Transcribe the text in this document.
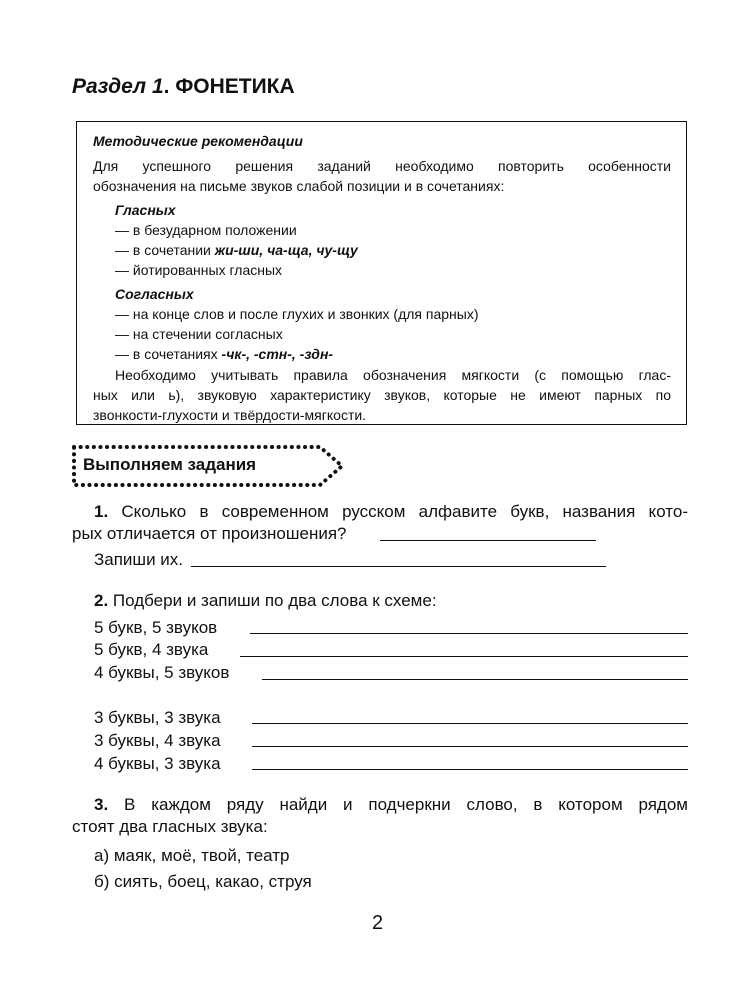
Раздел 1. ФОНЕТИКА
Методические рекомендации
Для успешного решения заданий необходимо повторить особенности
обозначения на письме звуков слабой позиции и в сочетаниях:
Гласных
— в безударном положении
— в сочетании жи-ши, ча-ща, чу-щу
— йотированных гласных
Согласных
— на конце слов и после глухих и звонких (для парных)
— на стечении согласных
— в сочетаниях -чк-, -стн-, -здн-
Необходимо учитывать правила обозначения мягкости (с помощью глас-
ных или ь), звуковую характеристику звуков, которые не имеют парных по
звонкости-глухости и твёрдости-мягкости.
Выполняем задания
1. Сколько в современном русском алфавите букв, названия кото-
рых отличается от произношения?
Запиши их.
2. Подбери и запиши по два слова к схеме:
5 букв, 5 звуков
5 букв, 4 звука
4 буквы, 5 звуков
3 буквы, 3 звука
3 буквы, 4 звука
4 буквы, 3 звука
3. В каждом ряду найди и подчеркни слово, в котором рядом
стоят два гласных звука:
а) маяк, моё, твой, театр
б) сиять, боец, какао, струя
2
